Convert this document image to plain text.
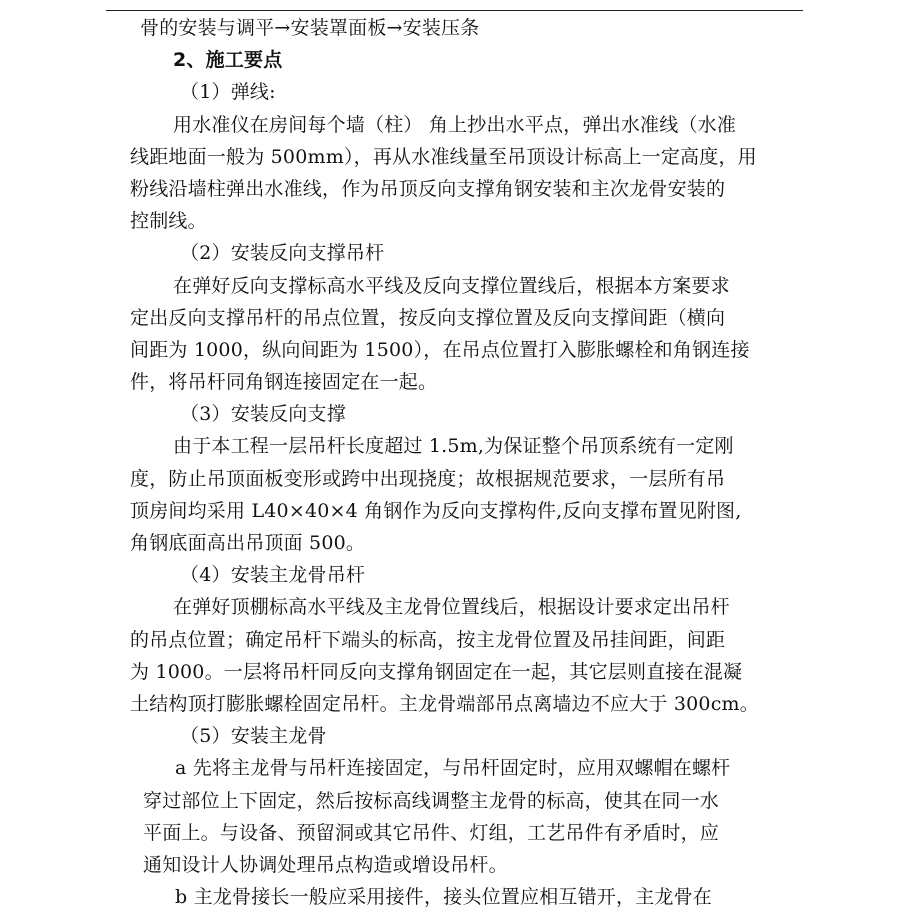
骨的安装与调平→安装罩面板→安装压条
2、施工要点
（1）弹线:
用水准仪在房间每个墙（柱） 角上抄出水平点，弹出水准线（水准
线距地面一般为 500mm），再从水准线量至吊顶设计标高上一定高度，用
粉线沿墙柱弹出水准线，作为吊顶反向支撑角钢安装和主次龙骨安装的
控制线。
（2）安装反向支撑吊杆
在弹好反向支撑标高水平线及反向支撑位置线后，根据本方案要求
定出反向支撑吊杆的吊点位置，按反向支撑位置及反向支撑间距（横向
间距为 1000，纵向间距为 1500），在吊点位置打入膨胀螺栓和角钢连接
件，将吊杆同角钢连接固定在一起。
（3）安装反向支撑
由于本工程一层吊杆长度超过 1.5m,为保证整个吊顶系统有一定刚
度，防止吊顶面板变形或跨中出现挠度；故根据规范要求，一层所有吊
顶房间均采用 L40×40×4 角钢作为反向支撑构件,反向支撑布置见附图,
角钢底面高出吊顶面 500。
（4）安装主龙骨吊杆
在弹好顶棚标高水平线及主龙骨位置线后，根据设计要求定出吊杆
的吊点位置；确定吊杆下端头的标高，按主龙骨位置及吊挂间距，间距
为 1000。一层将吊杆同反向支撑角钢固定在一起，其它层则直接在混凝
土结构顶打膨胀螺栓固定吊杆。主龙骨端部吊点离墙边不应大于 300cm。
（5）安装主龙骨
a 先将主龙骨与吊杆连接固定，与吊杆固定时，应用双螺帽在螺杆
穿过部位上下固定，然后按标高线调整主龙骨的标高，使其在同一水
平面上。与设备、预留洞或其它吊件、灯组，工艺吊件有矛盾时，应
通知设计人协调处理吊点构造或增设吊杆。
b 主龙骨接长一般应采用接件，接头位置应相互错开，主龙骨在
